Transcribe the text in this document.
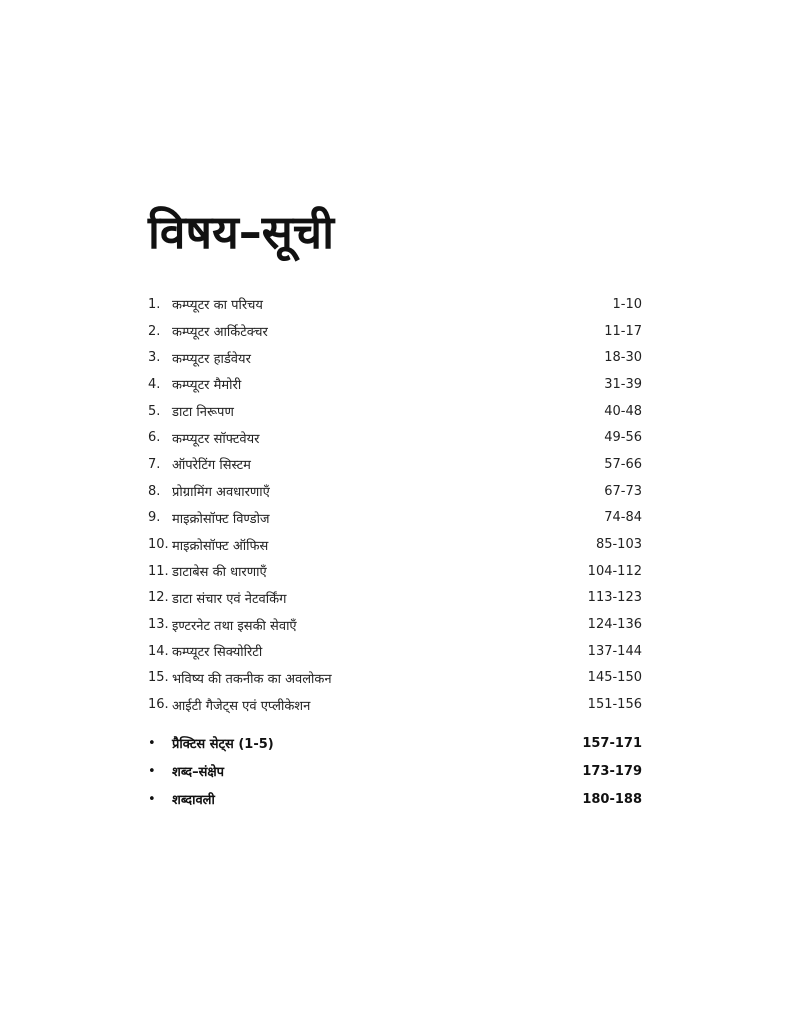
विषय–सूची
1. कम्प्यूटर का परिचय	1-10
2. कम्प्यूटर आर्किटेक्चर	11-17
3. कम्प्यूटर हार्डवेयर	18-30
4. कम्प्यूटर मैमोरी	31-39
5. डाटा निरूपण	40-48
6. कम्प्यूटर सॉफ्टवेयर	49-56
7. ऑपरेटिंग सिस्टम	57-66
8. प्रोग्रामिंग अवधारणाएँ	67-73
9. माइक्रोसॉफ्ट विण्डोज	74-84
10. माइक्रोसॉफ्ट ऑफिस	85-103
11. डाटाबेस की धारणाएँ	104-112
12. डाटा संचार एवं नेटवर्किंग	113-123
13. इण्टरनेट तथा इसकी सेवाएँ	124-136
14. कम्प्यूटर सिक्योरिटी	137-144
15. भविष्य की तकनीक का अवलोकन	145-150
16. आईटी गैजेट्स एवं एप्लीकेशन	151-156
•	प्रैक्टिस सेट्स (1-5)	157-171
•	शब्द–संक्षेप	173-179
•	शब्दावली	180-188
